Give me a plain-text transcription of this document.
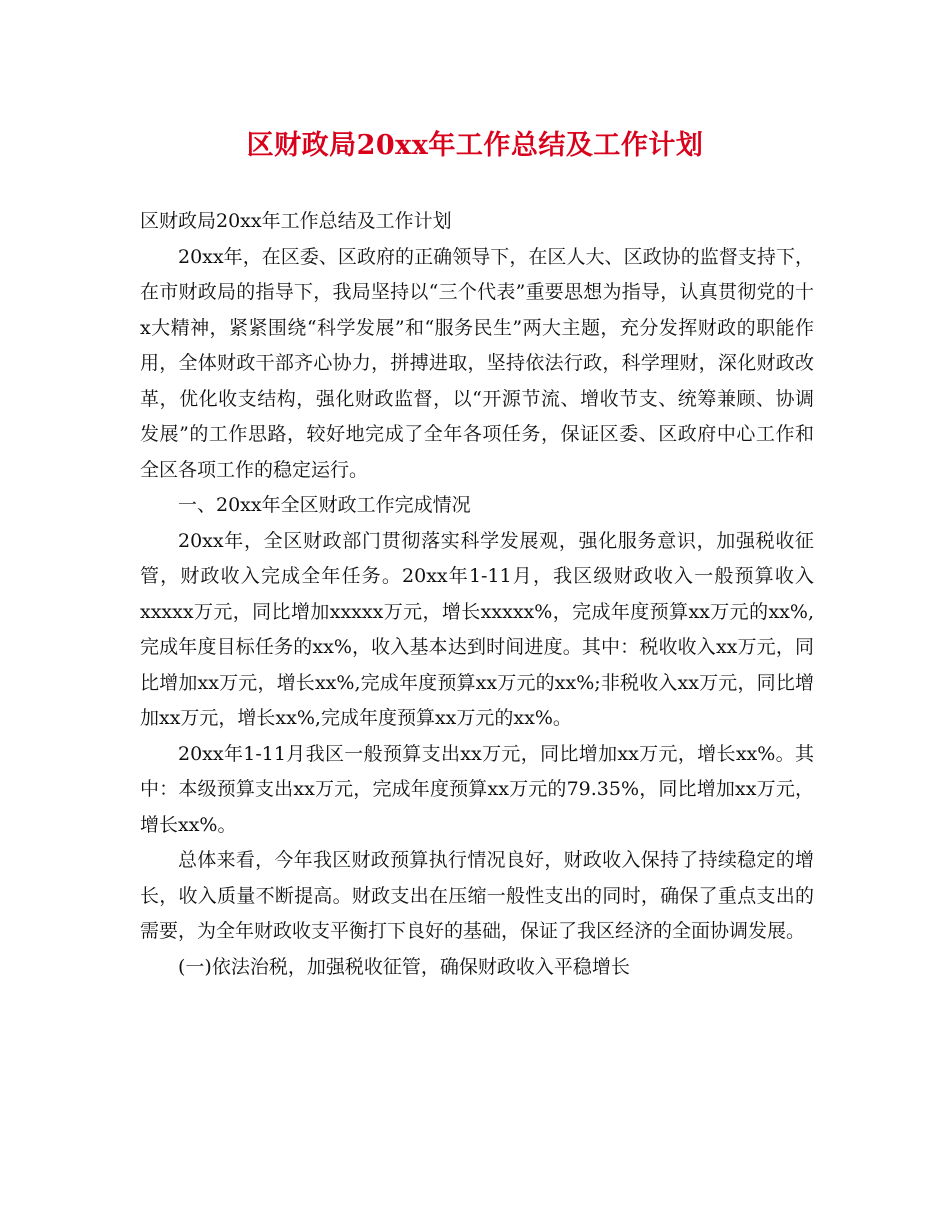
区财政局20xx年工作总结及工作计划

区财政局20xx年工作总结及工作计划

20xx年，在区委、区政府的正确领导下，在区人大、区政协的监督支持下，在市财政局的指导下，我局坚持以“三个代表”重要思想为指导，认真贯彻党的十x大精神，紧紧围绕“科学发展”和“服务民生”两大主题，充分发挥财政的职能作用，全体财政干部齐心协力，拼搏进取，坚持依法行政，科学理财，深化财政改革，优化收支结构，强化财政监督，以“开源节流、增收节支、统筹兼顾、协调发展”的工作思路，较好地完成了全年各项任务，保证区委、区政府中心工作和全区各项工作的稳定运行。

一、20xx年全区财政工作完成情况

20xx年，全区财政部门贯彻落实科学发展观，强化服务意识，加强税收征管，财政收入完成全年任务。20xx年1-11月，我区级财政收入一般预算收入xxxxx万元，同比增加xxxxx万元，增长xxxxx%，完成年度预算xx万元的xx%,完成年度目标任务的xx%，收入基本达到时间进度。其中：税收收入xx万元，同比增加xx万元，增长xx%,完成年度预算xx万元的xx%;非税收入xx万元，同比增加xx万元，增长xx%,完成年度预算xx万元的xx%。

20xx年1-11月我区一般预算支出xx万元，同比增加xx万元，增长xx%。其中：本级预算支出xx万元，完成年度预算xx万元的79.35%，同比增加xx万元，增长xx%。

总体来看，今年我区财政预算执行情况良好，财政收入保持了持续稳定的增长，收入质量不断提高。财政支出在压缩一般性支出的同时，确保了重点支出的需要，为全年财政收支平衡打下良好的基础，保证了我区经济的全面协调发展。

(一)依法治税，加强税收征管，确保财政收入平稳增长
